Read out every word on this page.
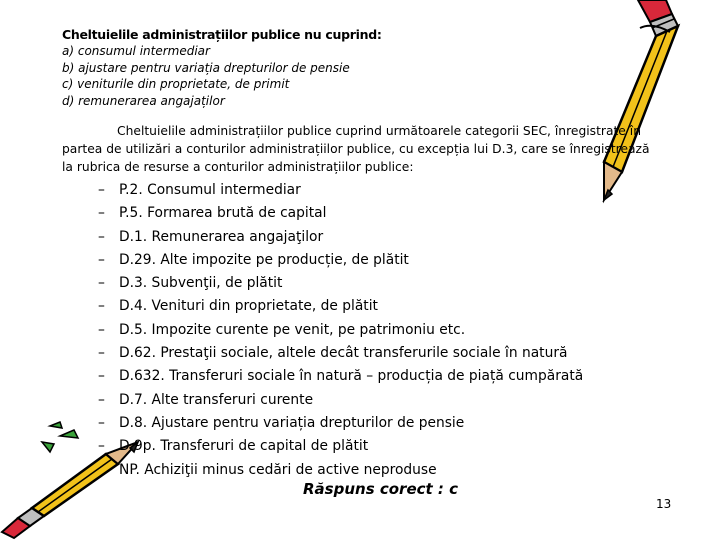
Cheltuielile administrațiilor publice nu cuprind:
a) consumul intermediar
b) ajustare pentru variația drepturilor de pensie
c) veniturile din proprietate, de primit
d) remunerarea angajaților
Cheltuielile administrațiilor publice cuprind următoarele categorii SEC, înregistrate în partea de utilizări a conturilor administrațiilor publice, cu excepția lui D.3, care se înregistrează la rubrica de resurse a conturilor administrațiilor publice:
–	P.2. Consumul intermediar
–	P.5. Formarea brută de capital
–	D.1. Remunerarea angajaţilor
–	D.29. Alte impozite pe producție, de plătit
–	D.3. Subvenţii, de plătit
–	D.4. Venituri din proprietate, de plătit
–	D.5. Impozite curente pe venit, pe patrimoniu etc.
–	D.62. Prestaţii sociale, altele decât transferurile sociale în natură
–	D.632. Transferuri sociale în natură – producția de piață cumpărată
–	D.7. Alte transferuri curente
–	D.8. Ajustare pentru variația drepturilor de pensie
–	D.9p. Transferuri de capital de plătit
NP. Achiziţii minus cedări de active neproduse
Răspuns corect : c
13
